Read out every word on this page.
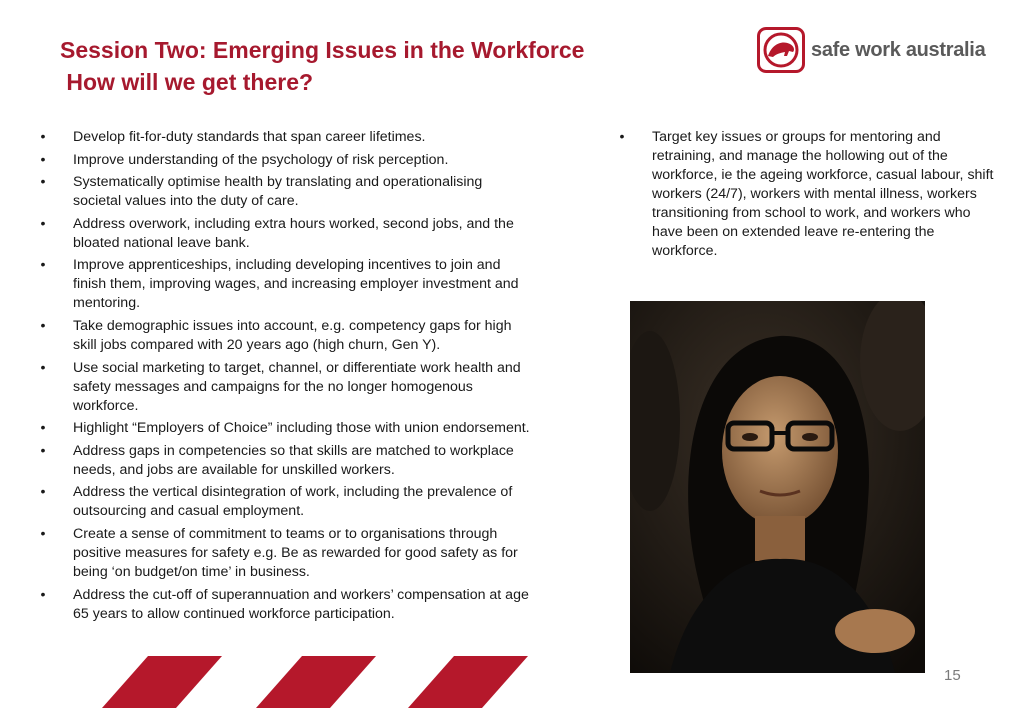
Session Two: Emerging Issues in the Workforce
How will we get there?
safe work australia
• Develop fit-for-duty standards that span career lifetimes.
• Improve understanding of the psychology of risk perception.
• Systematically optimise health by translating and operationalising societal values into the duty of care.
• Address overwork, including extra hours worked, second jobs, and the bloated national leave bank.
• Improve apprenticeships, including developing incentives to join and finish them, improving wages, and increasing employer investment and mentoring.
• Take demographic issues into account, e.g. competency gaps for high skill jobs compared with 20 years ago (high churn, Gen Y).
• Use social marketing to target, channel, or differentiate work health and safety messages and campaigns for the no longer homogenous workforce.
• Highlight “Employers of Choice” including those with union endorsement.
• Address gaps in competencies so that skills are matched to workplace needs, and jobs are available for unskilled workers.
• Address the vertical disintegration of work, including the prevalence of outsourcing and casual employment.
• Create a sense of commitment to teams or to organisations through positive measures for safety e.g. Be as rewarded for good safety as for being ‘on budget/on time’ in business.
• Address the cut-off of superannuation and workers’ compensation at age 65 years to allow continued workforce participation.
• Target key issues or groups for mentoring and retraining, and manage the hollowing out of the workforce, ie the ageing workforce, casual labour, shift workers (24/7), workers with mental illness, workers transitioning from school to work, and workers who have been on extended leave re-entering the workforce.
15
